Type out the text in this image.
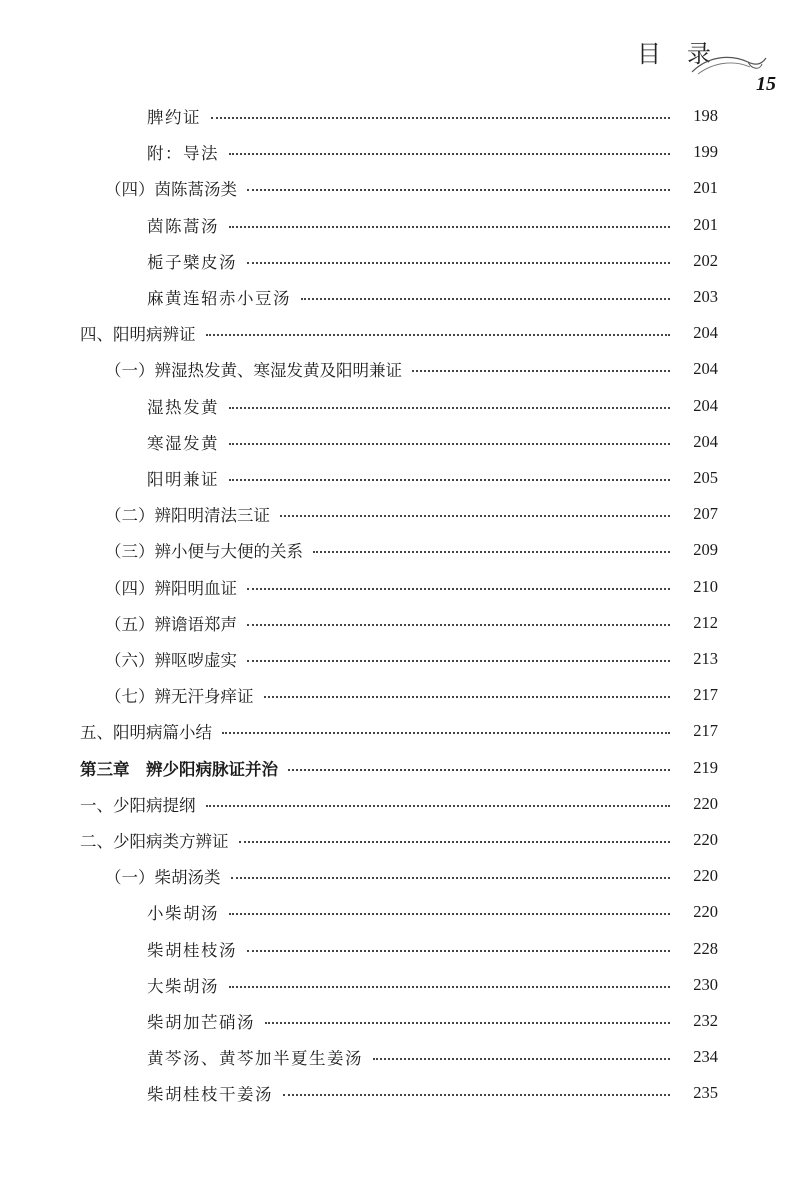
目录
15
脾约证	198
附：导法	199
（四）茵陈蒿汤类	201
茵陈蒿汤	201
栀子檗皮汤	202
麻黄连轺赤小豆汤	203
四、阳明病辨证	204
（一）辨湿热发黄、寒湿发黄及阳明兼证	204
湿热发黄	204
寒湿发黄	204
阳明兼证	205
（二）辨阳明清法三证	207
（三）辨小便与大便的关系	209
（四）辨阳明血证	210
（五）辨谵语郑声	212
（六）辨呕哕虚实	213
（七）辨无汗身痒证	217
五、阳明病篇小结	217
第三章　辨少阳病脉证并治	219
一、少阳病提纲	220
二、少阳病类方辨证	220
（一）柴胡汤类	220
小柴胡汤	220
柴胡桂枝汤	228
大柴胡汤	230
柴胡加芒硝汤	232
黄芩汤、黄芩加半夏生姜汤	234
柴胡桂枝干姜汤	235
